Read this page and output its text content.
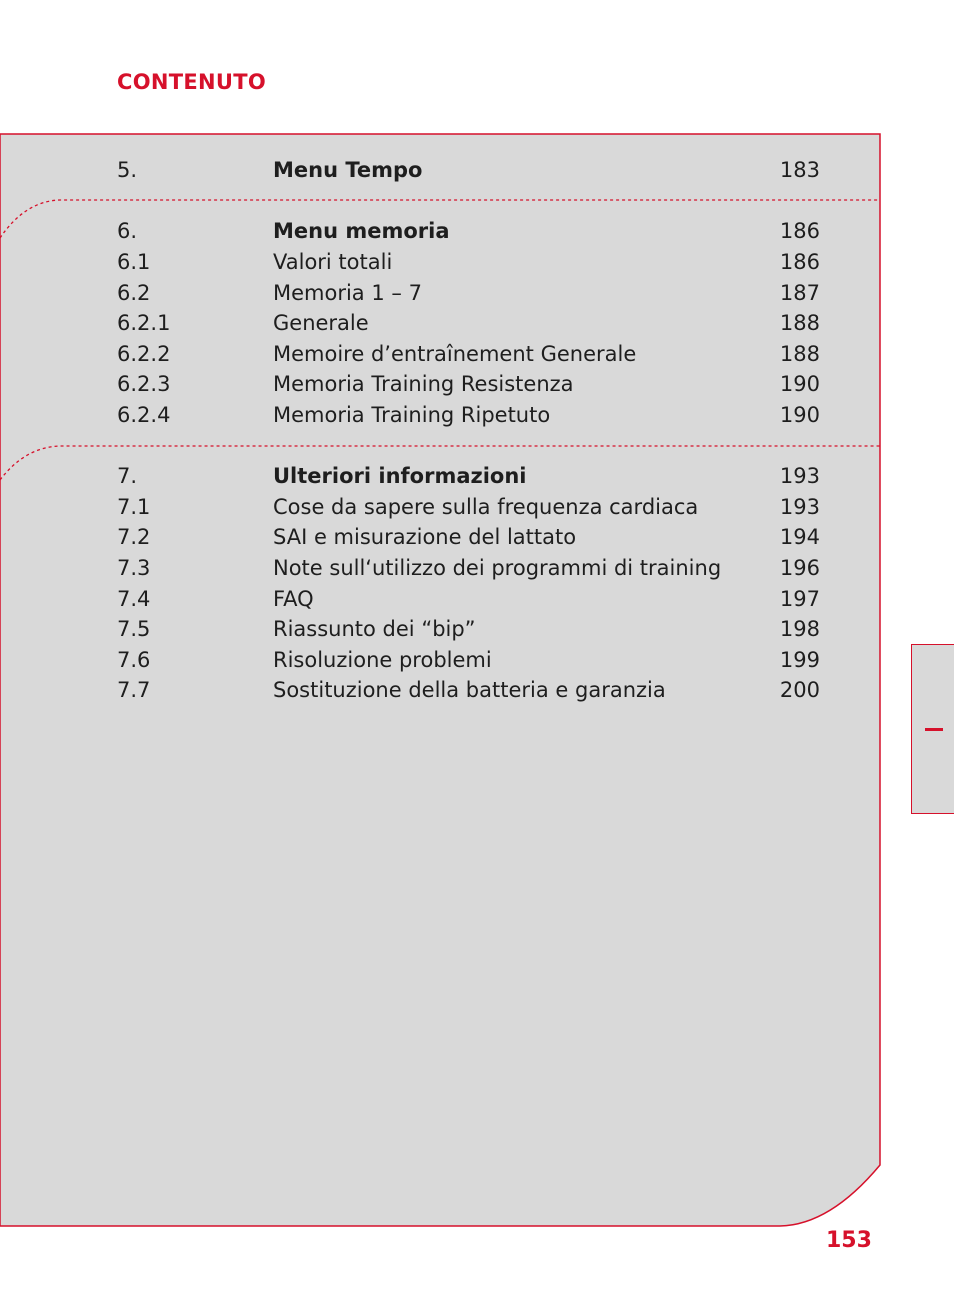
CONTENUTO
5.	Menu Tempo	183
6.	Menu memoria	186
6.1	Valori totali	186
6.2	Memoria 1 – 7	187
6.2.1	Generale	188
6.2.2	Memoire d’entraînement Generale	188
6.2.3	Memoria Training Resistenza	190
6.2.4	Memoria Training Ripetuto	190
7.	Ulteriori informazioni	193
7.1	Cose da sapere sulla frequenza cardiaca	193
7.2	SAI e misurazione del lattato	194
7.3	Note sull‘utilizzo dei programmi di training	196
7.4	FAQ	197
7.5	Riassunto dei “bip”	198
7.6	Risoluzione problemi	199
7.7	Sostituzione della batteria e garanzia	200
153
